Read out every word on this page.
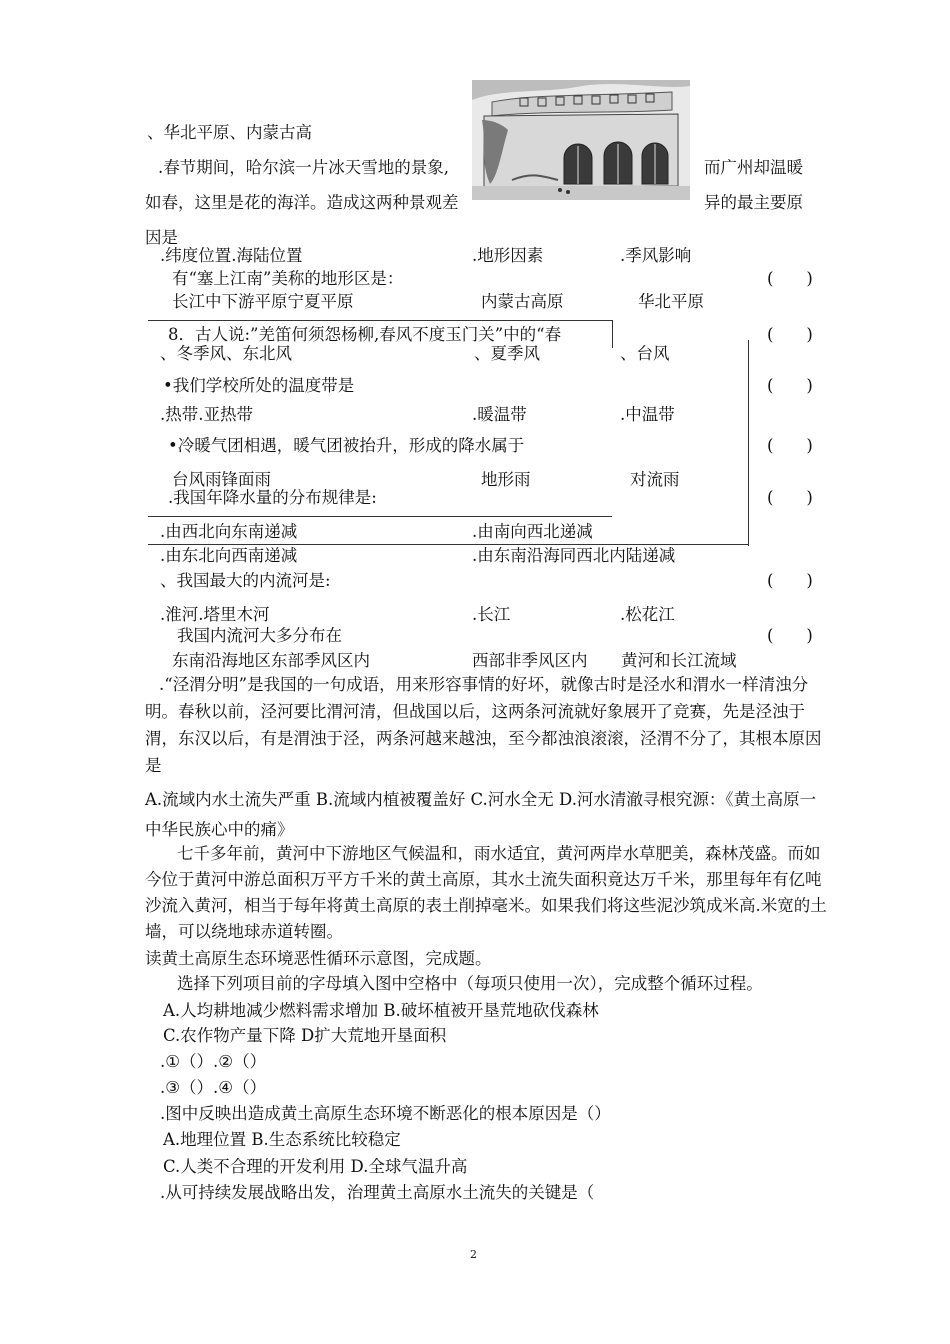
、华北平原、内蒙古高
.春节期间，哈尔滨一片冰天雪地的景象,	而广州却温暖
如春，这里是花的海洋。造成这两种景观差	异的最主要原
因是
.纬度位置.海陆位置	.地形因素	.季风影响
有“塞上江南”美称的地形区是：	(　　)
长江中下游平原宁夏平原	内蒙古高原	华北平原
8．古人说:”羌笛何须怨杨柳,春风不度玉门关”中的“春	(　　)
、冬季风、东北风	、夏季风	、台风
•我们学校所处的温度带是	(　　)
.热带.亚热带	.暖温带	.中温带
•冷暖气团相遇，暖气团被抬升，形成的降水属于	(　　)
台风雨锋面雨	地形雨	对流雨
.我国年降水量的分布规律是:	(　　)
.由西北向东南递减	.由南向西北递减
.由东北向西南递减	.由东南沿海同西北内陆递减
、我国最大的内流河是:	(　　)
.淮河.塔里木河	.长江	.松花江
我国内流河大多分布在	(　　)
东南沿海地区东部季风区内	西部非季风区内 黄河和长江流域
.“泾渭分明”是我国的一句成语，用来形容事情的好坏，就像古时是泾水和渭水一样清浊分明。春秋以前，泾河要比渭河清，但战国以后，这两条河流就好象展开了竞赛，先是泾浊于渭，东汉以后，有是渭浊于泾，两条河越来越浊，至今都浊浪滚滚，泾渭不分了，其根本原因是
A.流域内水土流失严重 B.流域内植被覆盖好 C.河水全无 D.河水清澈寻根究源：《黄土高原一中华民族心中的痛》
七千多年前，黄河中下游地区气候温和，雨水适宜，黄河两岸水草肥美，森林茂盛。而如今位于黄河中游总面积万平方千米的黄土高原，其水土流失面积竟达万千米，那里每年有亿吨沙流入黄河，相当于每年将黄土高原的表土削掉毫米。如果我们将这些泥沙筑成米高.米宽的土墙，可以绕地球赤道转圈。
读黄土高原生态环境恶性循环示意图，完成题。
选择下列项目前的字母填入图中空格中（每项只使用一次），完成整个循环过程。
A.人均耕地减少燃料需求增加 B.破坏植被开垦荒地砍伐森林
C.农作物产量下降 D扩大荒地开垦面积
.①（）.②（）
.③（）.④（）
.图中反映出造成黄土高原生态环境不断恶化的根本原因是（）
A.地理位置 B.生态系统比较稳定
C.人类不合理的开发利用 D.全球气温升高
.从可持续发展战略出发，治理黄土高原水土流失的关键是（
2
